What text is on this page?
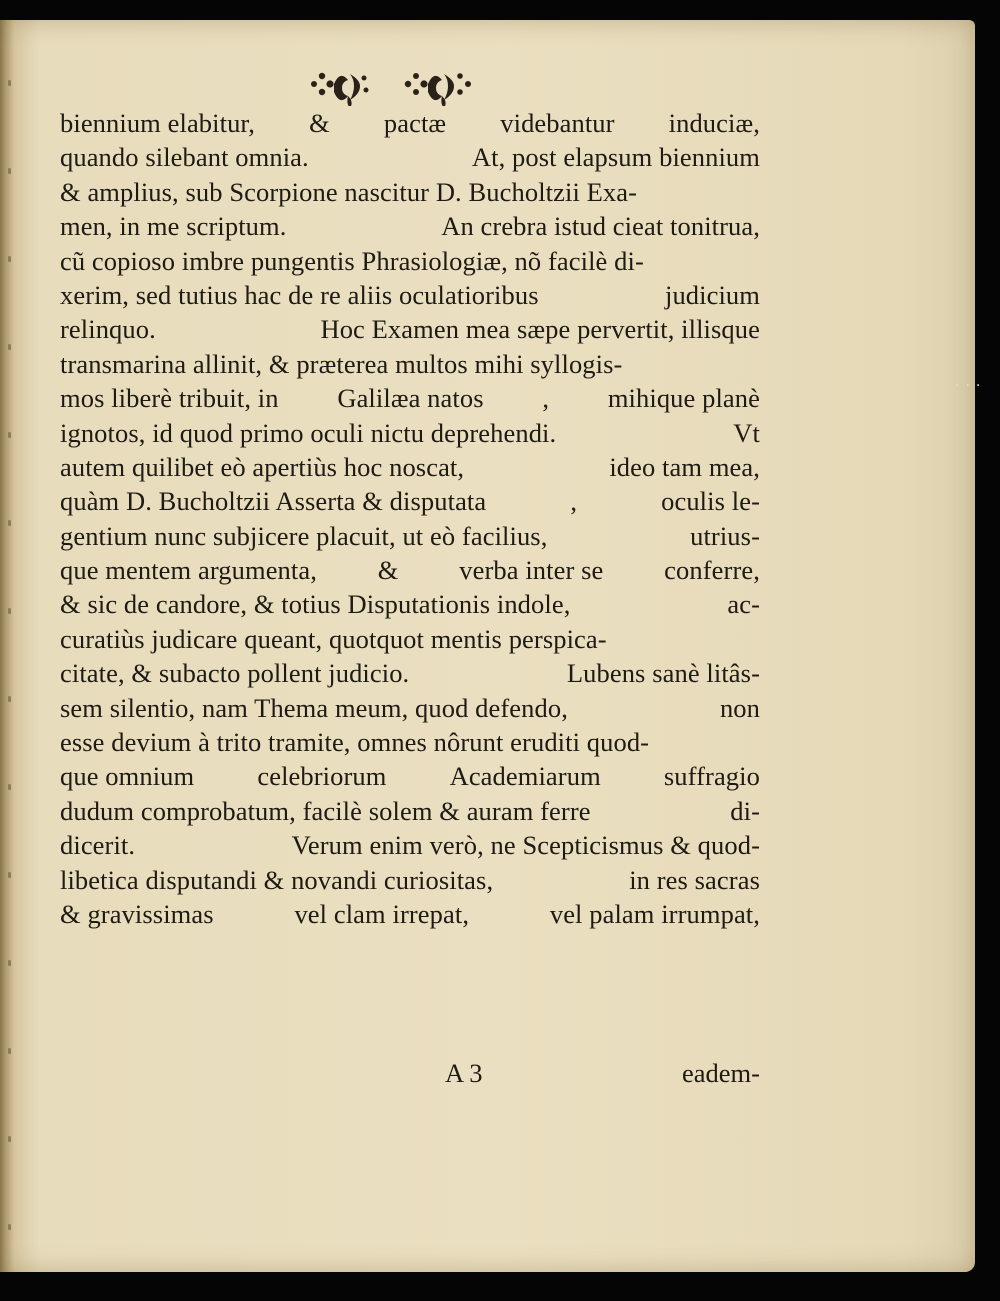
biennium elabitur, & pactæ videbantur induciæ,
quando silebant omnia.	At, post elapsum biennium
& amplius, sub Scorpione nascitur D. Bucholtzii Exa-
men, in me scriptum.	An crebra istud cieat tonitrua,
cũ copioso imbre pungentis Phrasiologiæ, nõ facilè di-
xerim, sed tutius hac de re aliis oculatioribus	judicium
relinquo.	Hoc Examen mea sæpe pervertit, illisque
transmarina allinit, & præterea multos mihi syllogis-
mos liberè tribuit, in Galilæa natos , mihique planè
ignotos, id quod primo oculi nictu deprehendi.	Vt
autem quilibet eò apertiùs hoc noscat,	ideo tam mea,
quàm D. Bucholtzii Asserta & disputata	,	oculis le-
gentium nunc subjicere placuit, ut eò facilius,	utrius-
que mentem argumenta, & verba inter se conferre,
& sic de candore, & totius Disputationis indole,	ac-
curatiùs judicare queant, quotquot mentis perspica-
citate, & subacto pollent judicio.	Lubens sanè litâs-
sem silentio, nam Thema meum, quod defendo,	non
esse devium à trito tramite, omnes nôrunt eruditi quod-
que omnium celebriorum Academiarum suffragio
dudum comprobatum, facilè solem & auram ferre	di-
dicerit.	Verum enim verò, ne Scepticismus & quod-
libetica disputandi & novandi curiositas,	in res sacras
& gravissimas	vel clam irrepat,	vel palam irrumpat,
A 3	eadem-
···
